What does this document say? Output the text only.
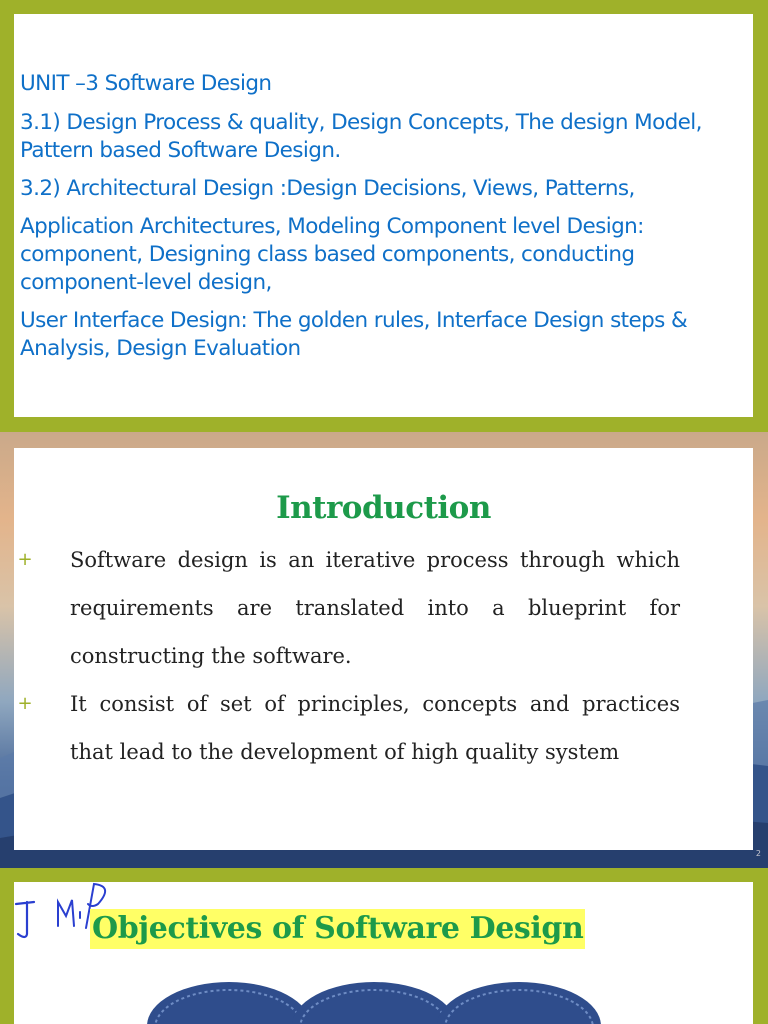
UNIT –3 Software Design

3.1) Design Process & quality, Design Concepts, The design Model, Pattern based Software Design.

3.2) Architectural Design :Design Decisions, Views, Patterns,

Application Architectures, Modeling Component level Design: component, Designing class based components, conducting component-level design,

User Interface Design: The golden rules, Interface Design steps & Analysis, Design Evaluation

Introduction
+ Software design is an iterative process through which requirements are translated into a blueprint for constructing the software.
+ It consist of set of principles, concepts and practices that lead to the development of high quality system
2
Objectives of Software Design
